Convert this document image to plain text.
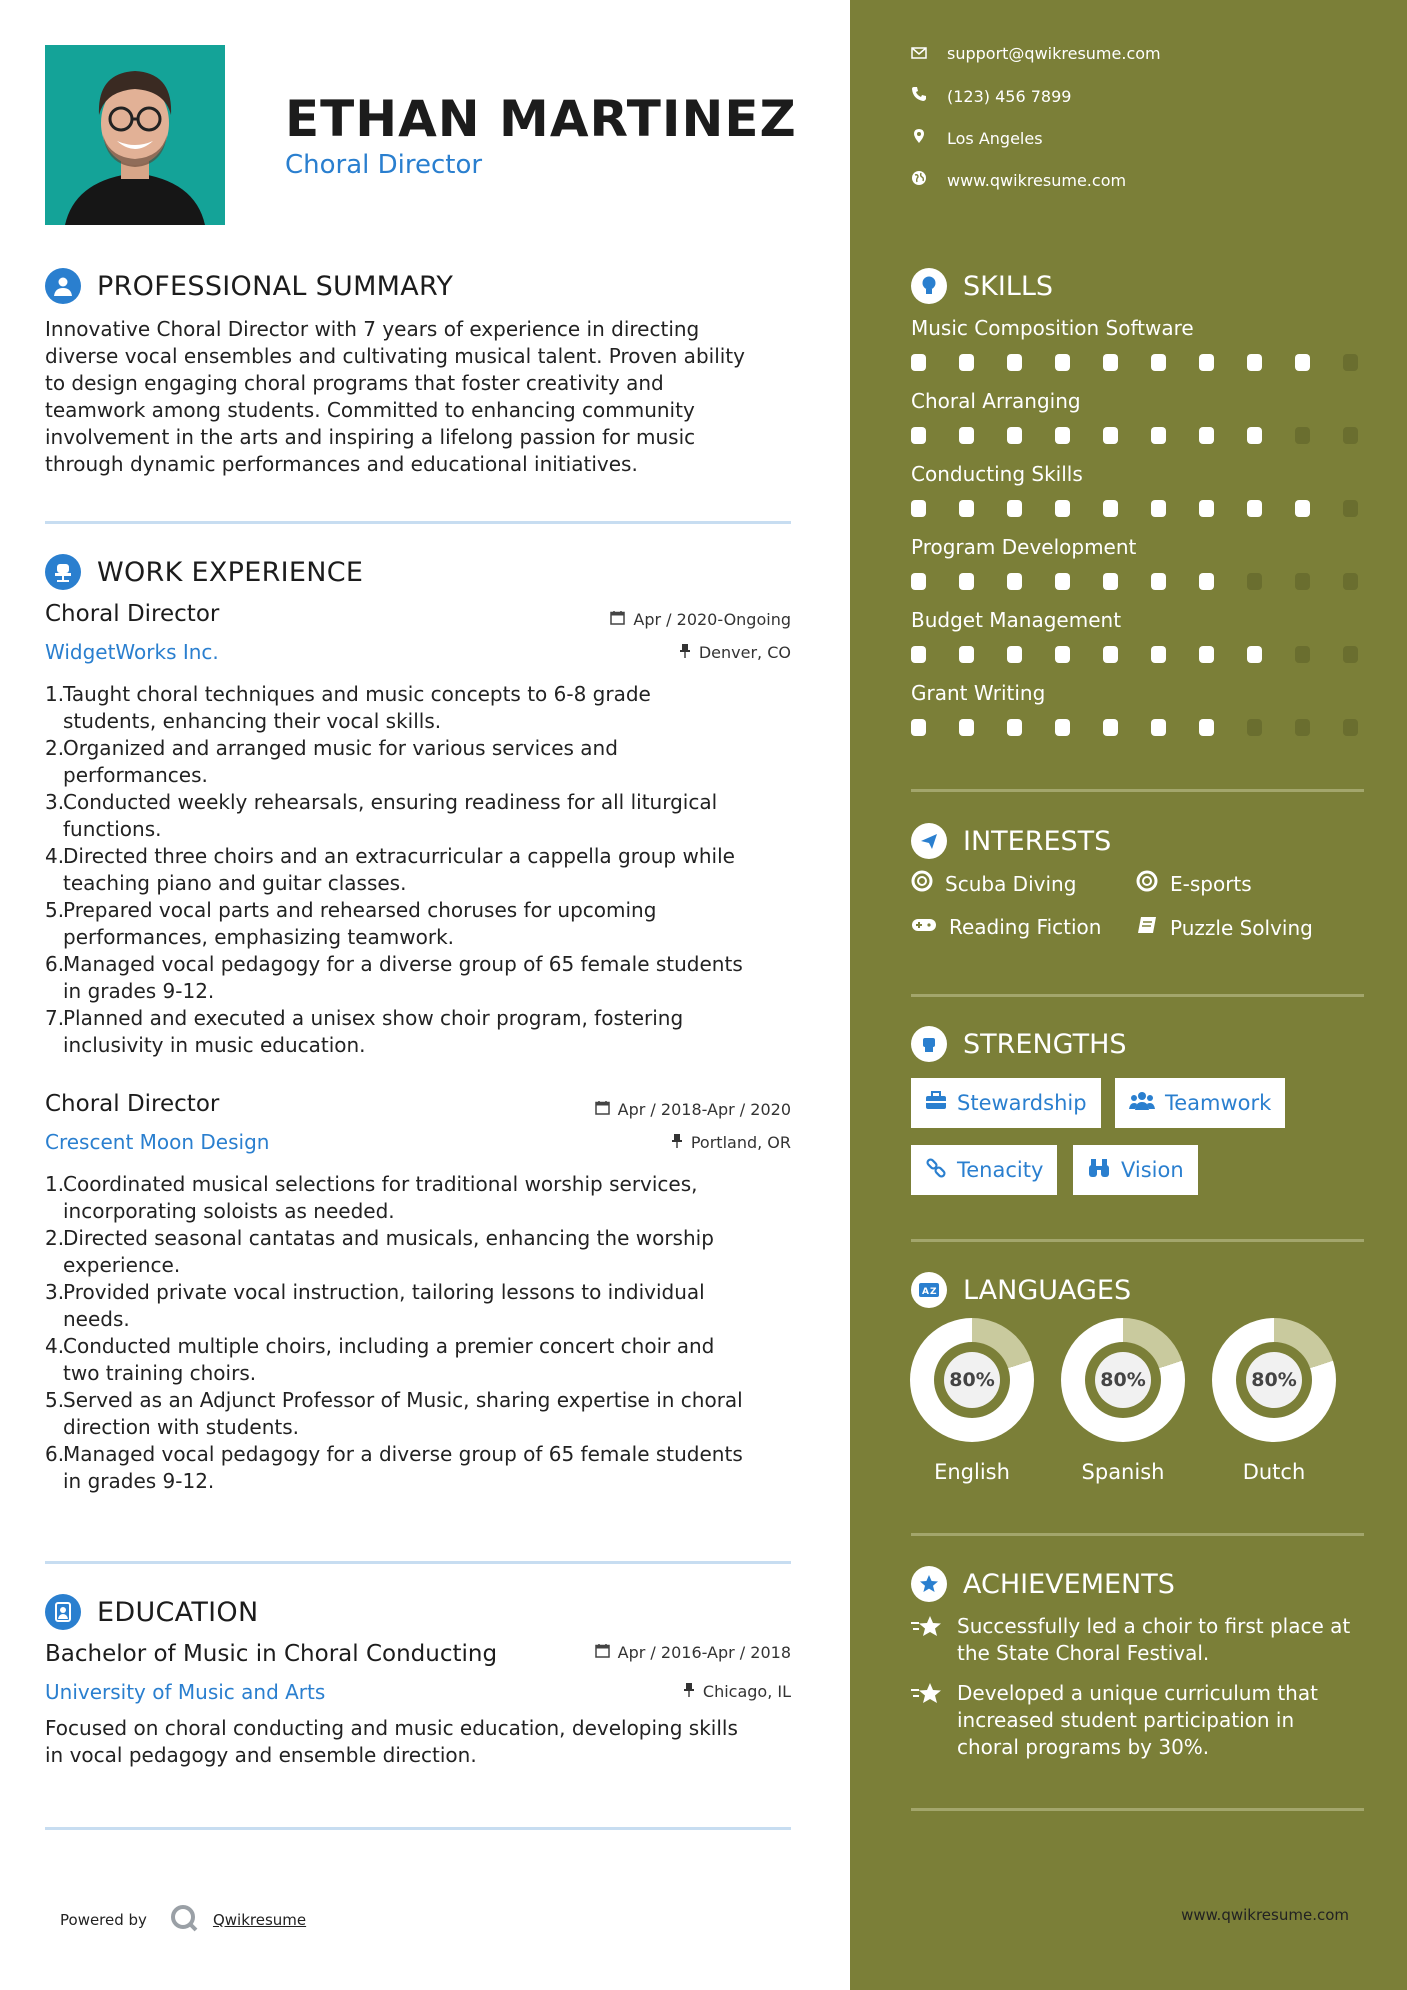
ETHAN MARTINEZ
Choral Director
PROFESSIONAL SUMMARY
Innovative Choral Director with 7 years of experience in directing
diverse vocal ensembles and cultivating musical talent. Proven ability
to design engaging choral programs that foster creativity and
teamwork among students. Committed to enhancing community
involvement in the arts and inspiring a lifelong passion for music
through dynamic performances and educational initiatives.
WORK EXPERIENCE
Choral Director
WidgetWorks Inc.
Apr / 2020-Ongoing
Denver, CO
1.
Taught choral techniques and music concepts to 6-8 grade
students, enhancing their vocal skills.
2.
Organized and arranged music for various services and
performances.
3.
Conducted weekly rehearsals, ensuring readiness for all liturgical
functions.
4.
Directed three choirs and an extracurricular a cappella group while
teaching piano and guitar classes.
5.
Prepared vocal parts and rehearsed choruses for upcoming
performances, emphasizing teamwork.
6.
Managed vocal pedagogy for a diverse group of 65 female students
in grades 9-12.
7.
Planned and executed a unisex show choir program, fostering
inclusivity in music education.
Choral Director
Crescent Moon Design
Apr / 2018-Apr / 2020
Portland, OR
1.
Coordinated musical selections for traditional worship services,
incorporating soloists as needed.
2.
Directed seasonal cantatas and musicals, enhancing the worship
experience.
3.
Provided private vocal instruction, tailoring lessons to individual
needs.
4.
Conducted multiple choirs, including a premier concert choir and
two training choirs.
5.
Served as an Adjunct Professor of Music, sharing expertise in choral
direction with students.
6.
Managed vocal pedagogy for a diverse group of 65 female students
in grades 9-12.
EDUCATION
Bachelor of Music in Choral Conducting
University of Music and Arts
Apr / 2016-Apr / 2018
Chicago, IL
Focused on choral conducting and music education, developing skills
in vocal pedagogy and ensemble direction.
Powered by	Qwikresume
support@qwikresume.com
(123) 456 7899
Los Angeles
www.qwikresume.com
SKILLS
Music Composition Software
Choral Arranging
Conducting Skills
Program Development
Budget Management
Grant Writing
INTERESTS
Scuba Diving	E-sports
Reading Fiction	Puzzle Solving
STRENGTHS
Stewardship	Teamwork
Tenacity	Vision
A Z LANGUAGES
80%
English
80%
Spanish
80%
Dutch
ACHIEVEMENTS
Successfully led a choir to first place at
the State Choral Festival.
Developed a unique curriculum that
increased student participation in
choral programs by 30%.
www.qwikresume.com
